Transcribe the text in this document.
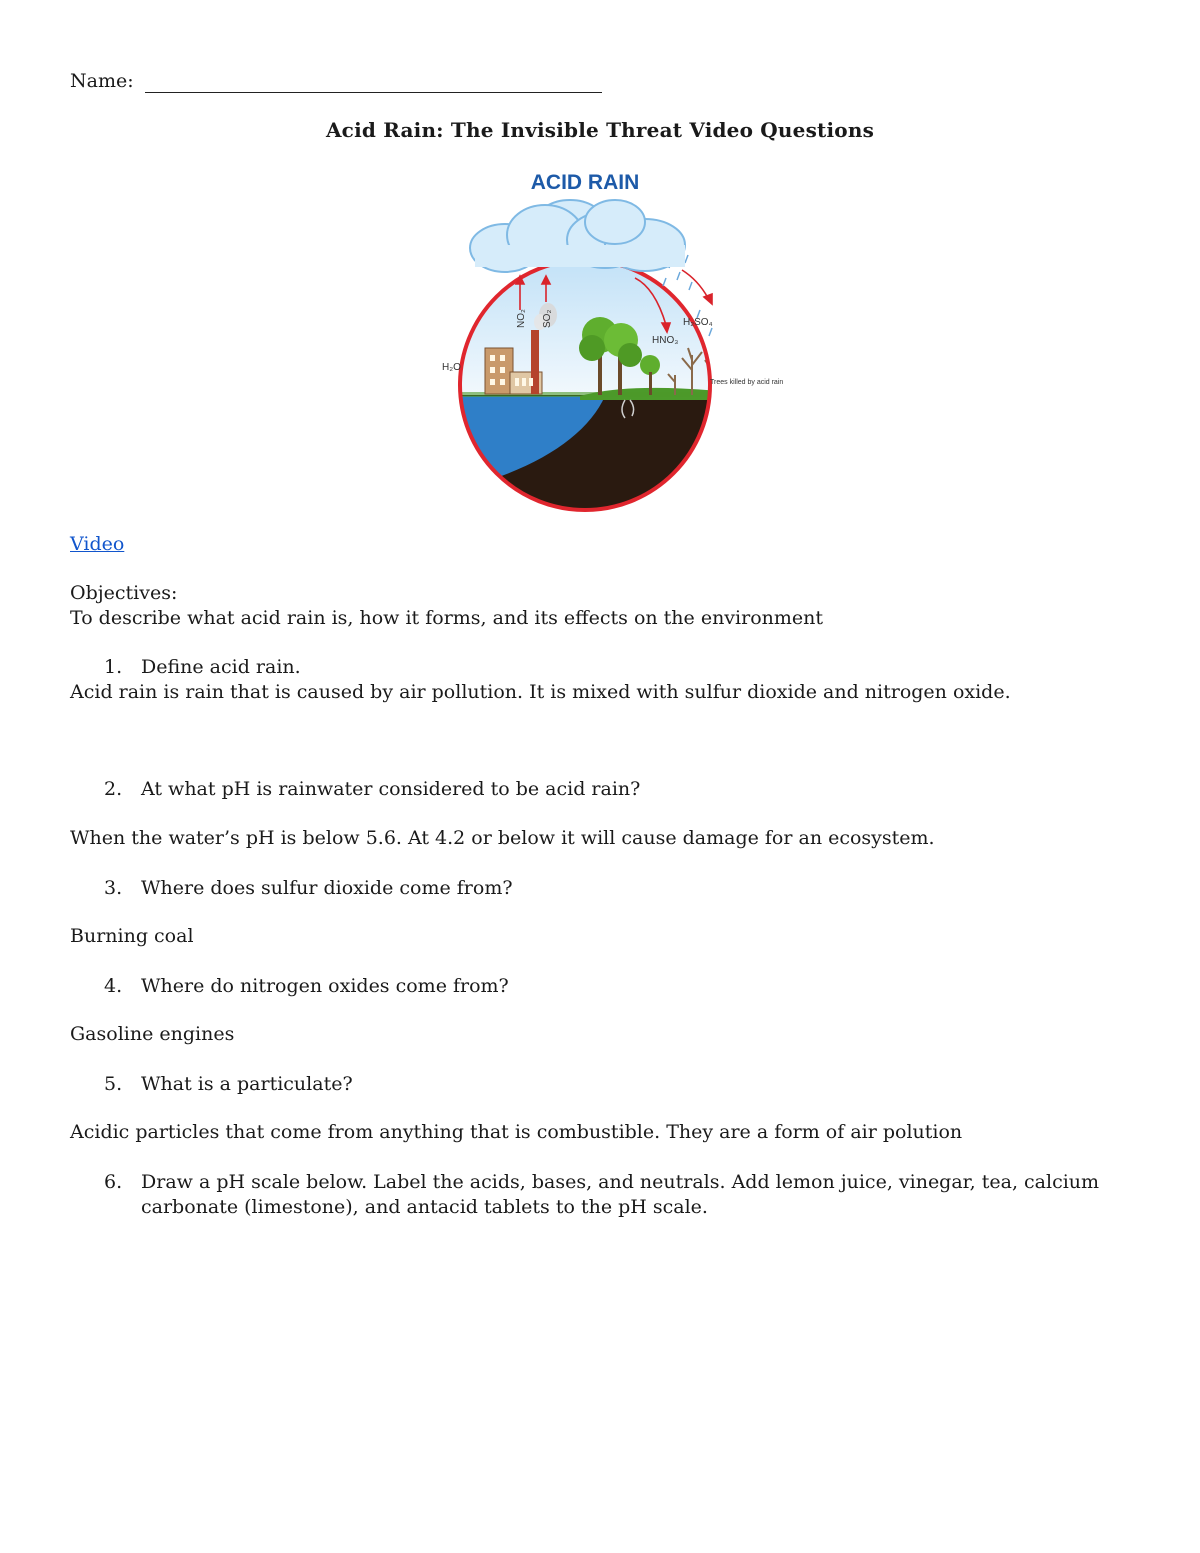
Name:
Acid Rain: The Invisible Threat Video Questions
ACID RAIN
NO₂ SO₂
H₂O
HNO₃
H₂SO₄
Trees killed by acid rain
Video
Objectives:
To describe what acid rain is, how it forms, and its effects on the environment
1. Define acid rain.
Acid rain is rain that is caused by air pollution. It is mixed with sulfur dioxide and nitrogen oxide.
2. At what pH is rainwater considered to be acid rain?
When the water’s pH is below 5.6. At 4.2 or below it will cause damage for an ecosystem.
3. Where does sulfur dioxide come from?
Burning coal
4. Where do nitrogen oxides come from?
Gasoline engines
5. What is a particulate?
Acidic particles that come from anything that is combustible. They are a form of air polution
6. Draw a pH scale below. Label the acids, bases, and neutrals. Add lemon juice, vinegar, tea, calcium carbonate (limestone), and antacid tablets to the pH scale.
